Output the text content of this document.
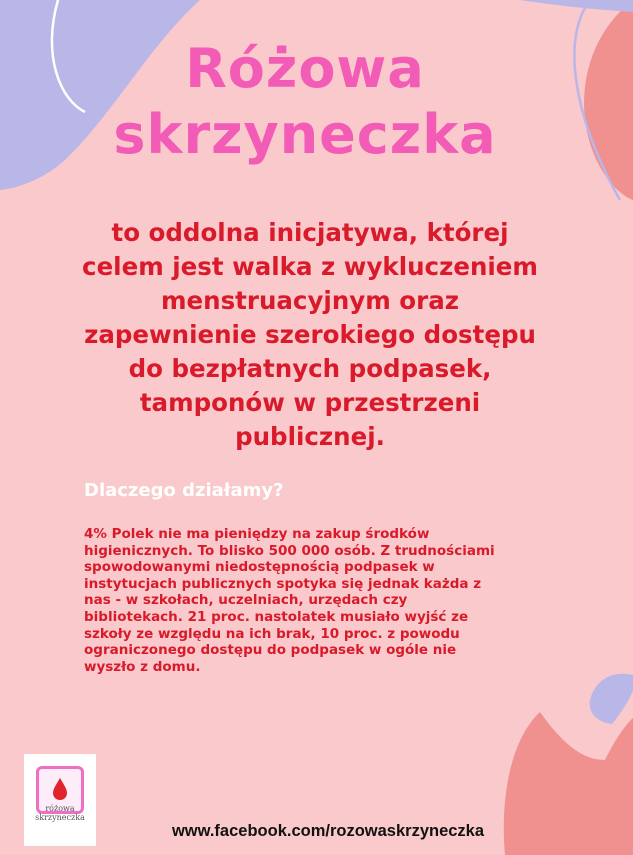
Różowa
skrzyneczka
to oddolna inicjatywa, której
celem jest walka z wykluczeniem
menstruacyjnym oraz
zapewnienie szerokiego dostępu
do bezpłatnych podpasek,
tamponów w przestrzeni
publicznej.
Dlaczego działamy?
4% Polek nie ma pieniędzy na zakup środków
higienicznych. To blisko 500 000 osób. Z trudnościami
spowodowanymi niedostępnością podpasek w
instytucjach publicznych spotyka się jednak każda z
nas - w szkołach, uczelniach, urzędach czy
bibliotekach. 21 proc. nastolatek musiało wyjść ze
szkoły ze względu na ich brak, 10 proc. z powodu
ograniczonego dostępu do podpasek w ogóle nie
wyszło z domu.
różowa
skrzyneczka
www.facebook.com/rozowaskrzyneczka
